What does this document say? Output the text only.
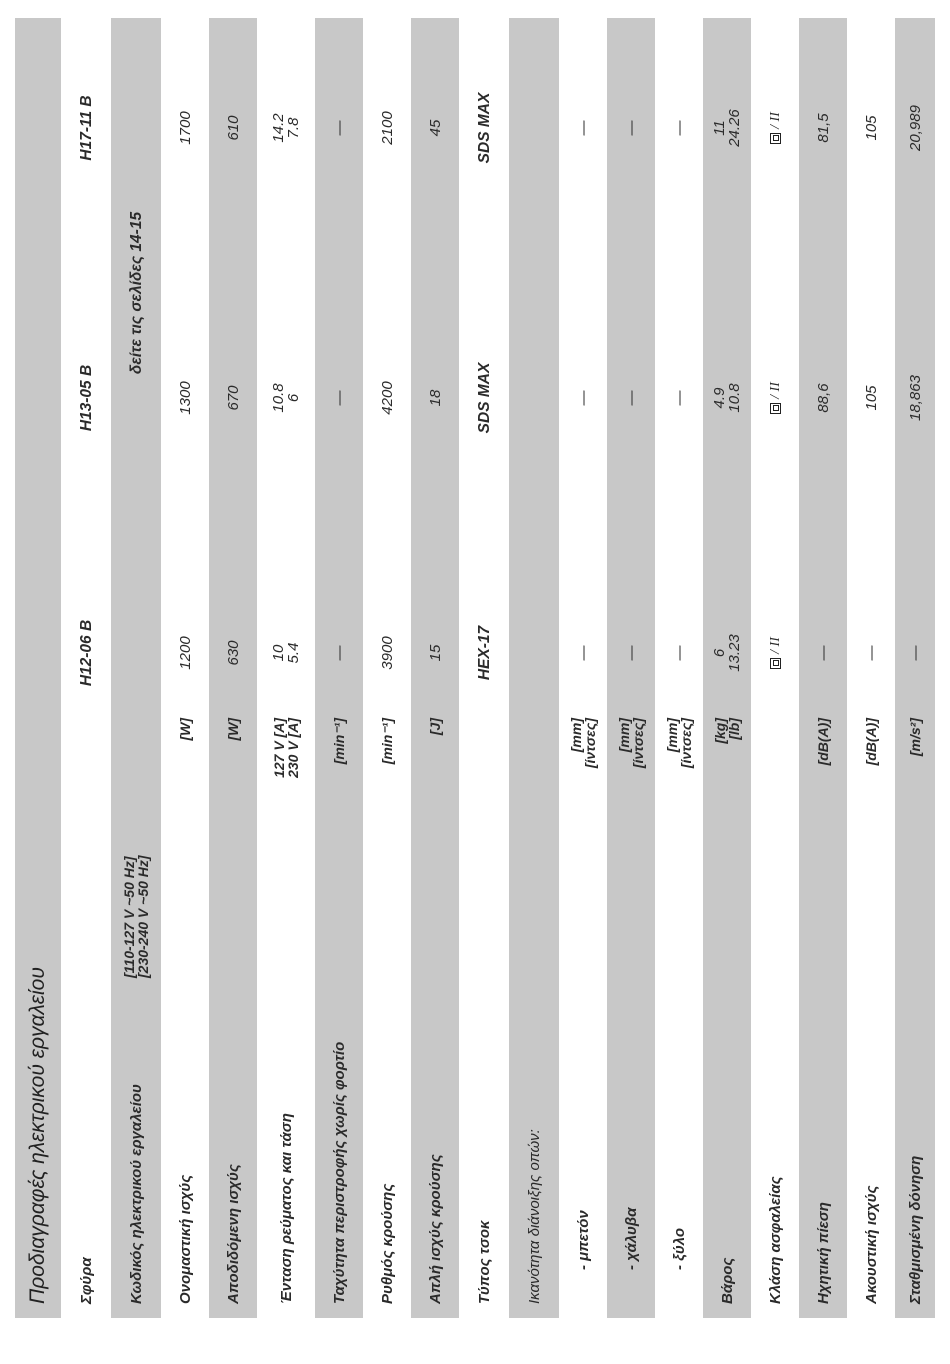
Προδιαγραφές ηλεκτρικού εργαλείου	Σφύρα
H12-06 B
H13-05 B
H17-11 B
Κωδικός ηλεκτρικού εργαλείου
[110-127 V ~50 Hz]
[230-240 V ~50 Hz]
δείτε τις σελίδες 14-15
Ονομαστική ισχύς
[W]
1200
1300
1700
Αποδιδόμενη ισχύς
[W]
630
670
610
Ένταση ρεύματος και τάση
127 V [A]
230 V [A]
10
5.4
10.8
6
14.2
7.8
Ταχύτητα περιστροφής χωρίς φορτίο
[min⁻¹]
—
—
—
Ρυθμός κρούσης
[min⁻¹]
3900
4200
2100
Απλή ισχύς κρούσης
[J]
15
18
45
Τύπος τσοκ
HEX-17
SDS MAX
SDS MAX
Ικανότητα διάνοιξης οπών:	- μπετόν
[mm]
[ίντσες]
—
—
—
- χάλυβα
[mm]
[ίντσες]
—
—
—
- ξύλο
[mm]
[ίντσες]
—
—
—
Βάρος
[kg]
[lb]
6
13.23
4.9
10.8
11
24.26
Κλάση ασφαλείας
/ II
/ II
/ II
Ηχητική πίεση
[dB(A)]
—
88,6
81,5
Ακουστική ισχύς
[dB(A)]
—
105
105
Σταθμισμένη δόνηση
[m/s²]
—
18,863
20,989
